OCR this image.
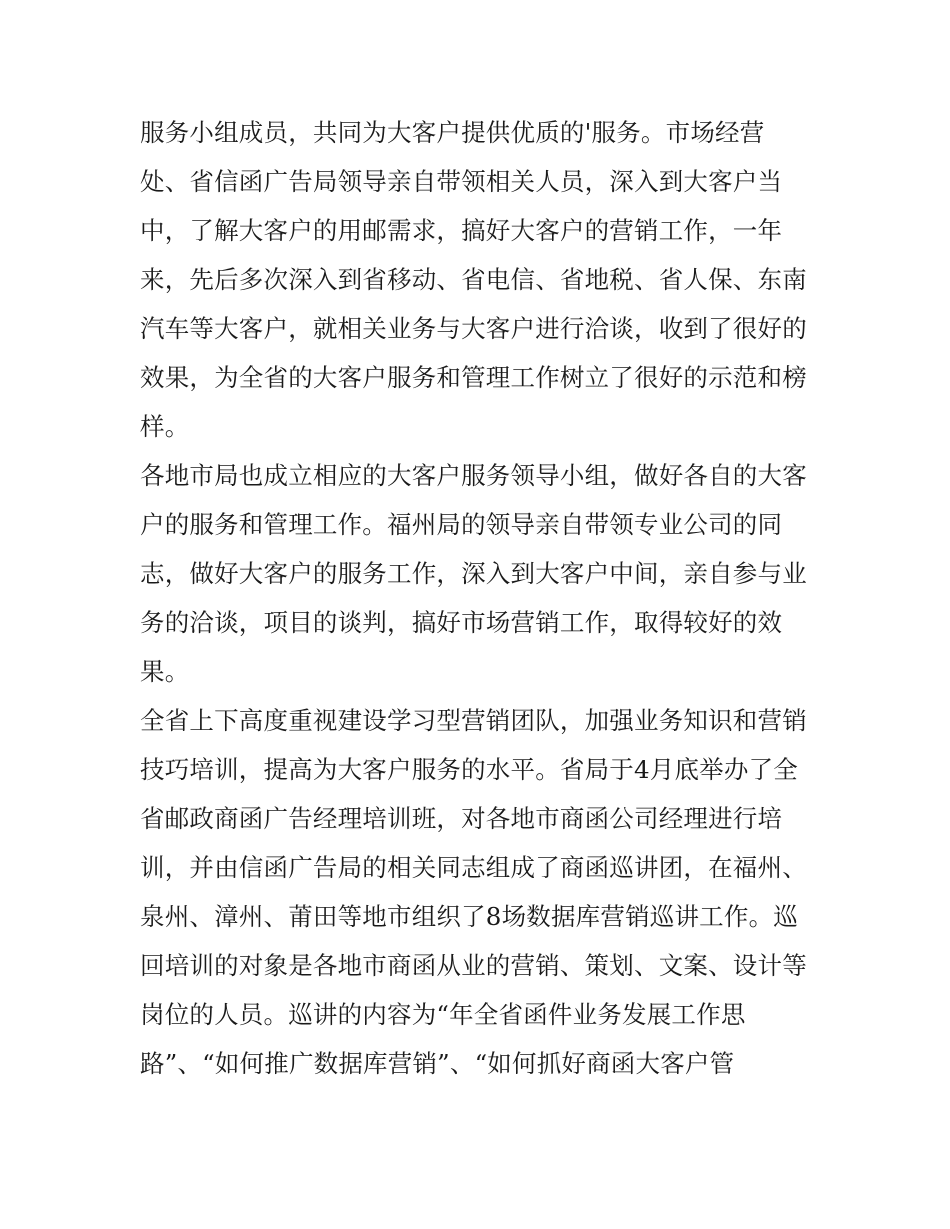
服务小组成员，共同为大客户提供优质的'服务。市场经营
处、省信函广告局领导亲自带领相关人员，深入到大客户当
中，了解大客户的用邮需求，搞好大客户的营销工作，一年
来，先后多次深入到省移动、省电信、省地税、省人保、东南
汽车等大客户，就相关业务与大客户进行洽谈，收到了很好的
效果，为全省的大客户服务和管理工作树立了很好的示范和榜
样。
各地市局也成立相应的大客户服务领导小组，做好各自的大客
户的服务和管理工作。福州局的领导亲自带领专业公司的同
志，做好大客户的服务工作，深入到大客户中间，亲自参与业
务的洽谈，项目的谈判，搞好市场营销工作，取得较好的效
果。
全省上下高度重视建设学习型营销团队，加强业务知识和营销
技巧培训，提高为大客户服务的水平。省局于4月底举办了全
省邮政商函广告经理培训班，对各地市商函公司经理进行培
训，并由信函广告局的相关同志组成了商函巡讲团，在福州、
泉州、漳州、莆田等地市组织了8场数据库营销巡讲工作。巡
回培训的对象是各地市商函从业的营销、策划、文案、设计等
岗位的人员。巡讲的内容为“年全省函件业务发展工作思
路”、“如何推广数据库营销”、“如何抓好商函大客户管
